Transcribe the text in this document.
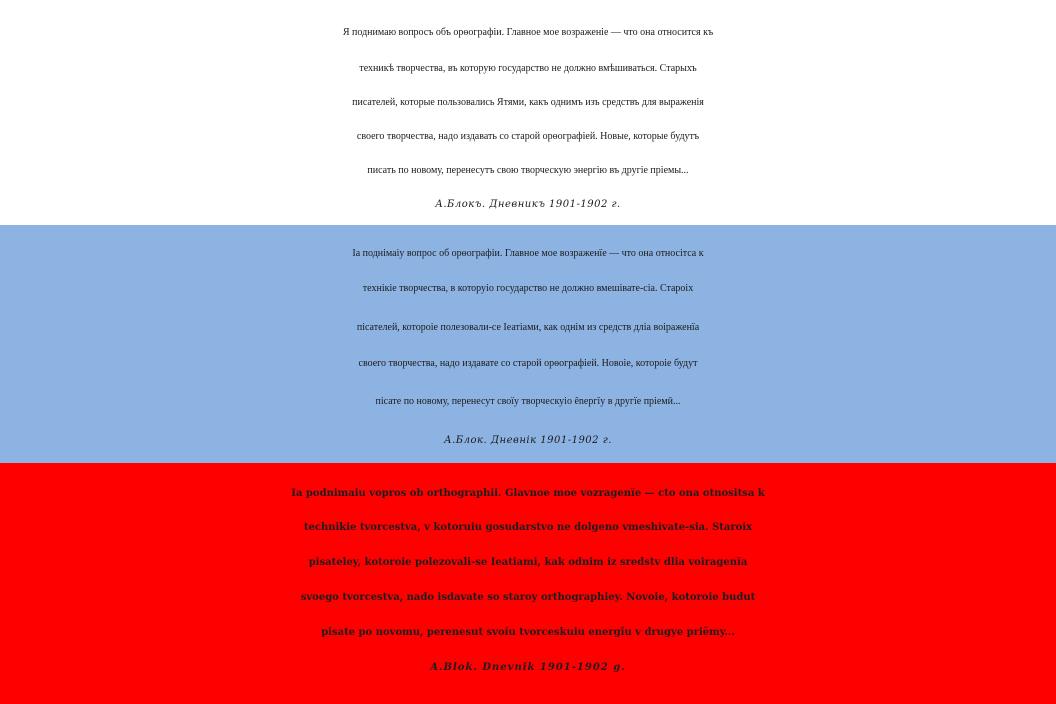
Я поднимаю вопросъ объ орѳографіи. Главное мое возраженіе — что она относится къ
техникѣ творчества, въ которую государство не должно вмѣшиваться. Старыхъ
писателей, которые пользовались Ятями, какъ однимъ изъ средствъ для выраженія
своего творчества, надо издавать со старой орѳографіей. Новые, которые будутъ
писать по новому, перенесутъ свою творческую энергію въ другіе пріемы...
А.Блокъ. Дневникъ 1901-1902 г.
Іа поднімаіу вопрос об орѳографіи. Главное мое возраженїе — что она относітса к
технікіе творчества, в которуіо государство не должно вмешівате-сіа. Староіх
пісателей, котороіе полезовали-се Іеатіами, как однім из средств дліа воіраженїа
своего творчества, надо издавате со старой орѳографіей. Новоіе, котороіе будут
пісате по новому, перенесут своїу творческуіо ênергїу в другїе пріемӣ...
А.Блок. Дневнік 1901-1902 г.
Ia podnimaiu vopros ob orthographii. Glavnoe moe vozragenïe — cto ona otnositsa k
technikie tvorcestva, v kotoruiu gosudarstvo ne dolgeno vmeshivate-sia. Staroix
pisateley, kotoroie polezovali-se Ieatiami, kak odnim iz sredstv dlia voiragenïa
svoego tvorcestva, nado isdavate so staroy orthographiey. Novoie, kotoroie budut
pisate po novomu, perenesut svoíu tvorceskuiu energîu v drugye priëmy...
A.Blok. Dnevnik 1901-1902 g.
